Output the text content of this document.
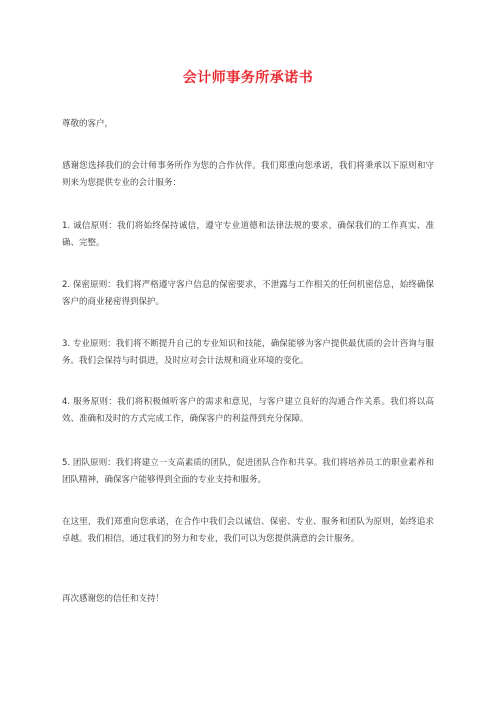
会计师事务所承诺书

尊敬的客户，

感谢您选择我们的会计师事务所作为您的合作伙伴。我们郑重向您承诺，我们将秉承以下原则和守则来为您提供专业的会计服务：

1. 诚信原则：我们将始终保持诚信，遵守专业道德和法律法规的要求，确保我们的工作真实、准确、完整。

2. 保密原则：我们将严格遵守客户信息的保密要求，不泄露与工作相关的任何机密信息，始终确保客户的商业秘密得到保护。

3. 专业原则：我们将不断提升自己的专业知识和技能，确保能够为客户提供最优质的会计咨询与服务。我们会保持与时俱进，及时应对会计法规和商业环境的变化。

4. 服务原则：我们将积极倾听客户的需求和意见，与客户建立良好的沟通合作关系。我们将以高效、准确和及时的方式完成工作，确保客户的利益得到充分保障。

5. 团队原则：我们将建立一支高素质的团队，促进团队合作和共享。我们将培养员工的职业素养和团队精神，确保客户能够得到全面的专业支持和服务。

在这里，我们郑重向您承诺，在合作中我们会以诚信、保密、专业、服务和团队为原则，始终追求卓越。我们相信，通过我们的努力和专业，我们可以为您提供满意的会计服务。

再次感谢您的信任和支持！
